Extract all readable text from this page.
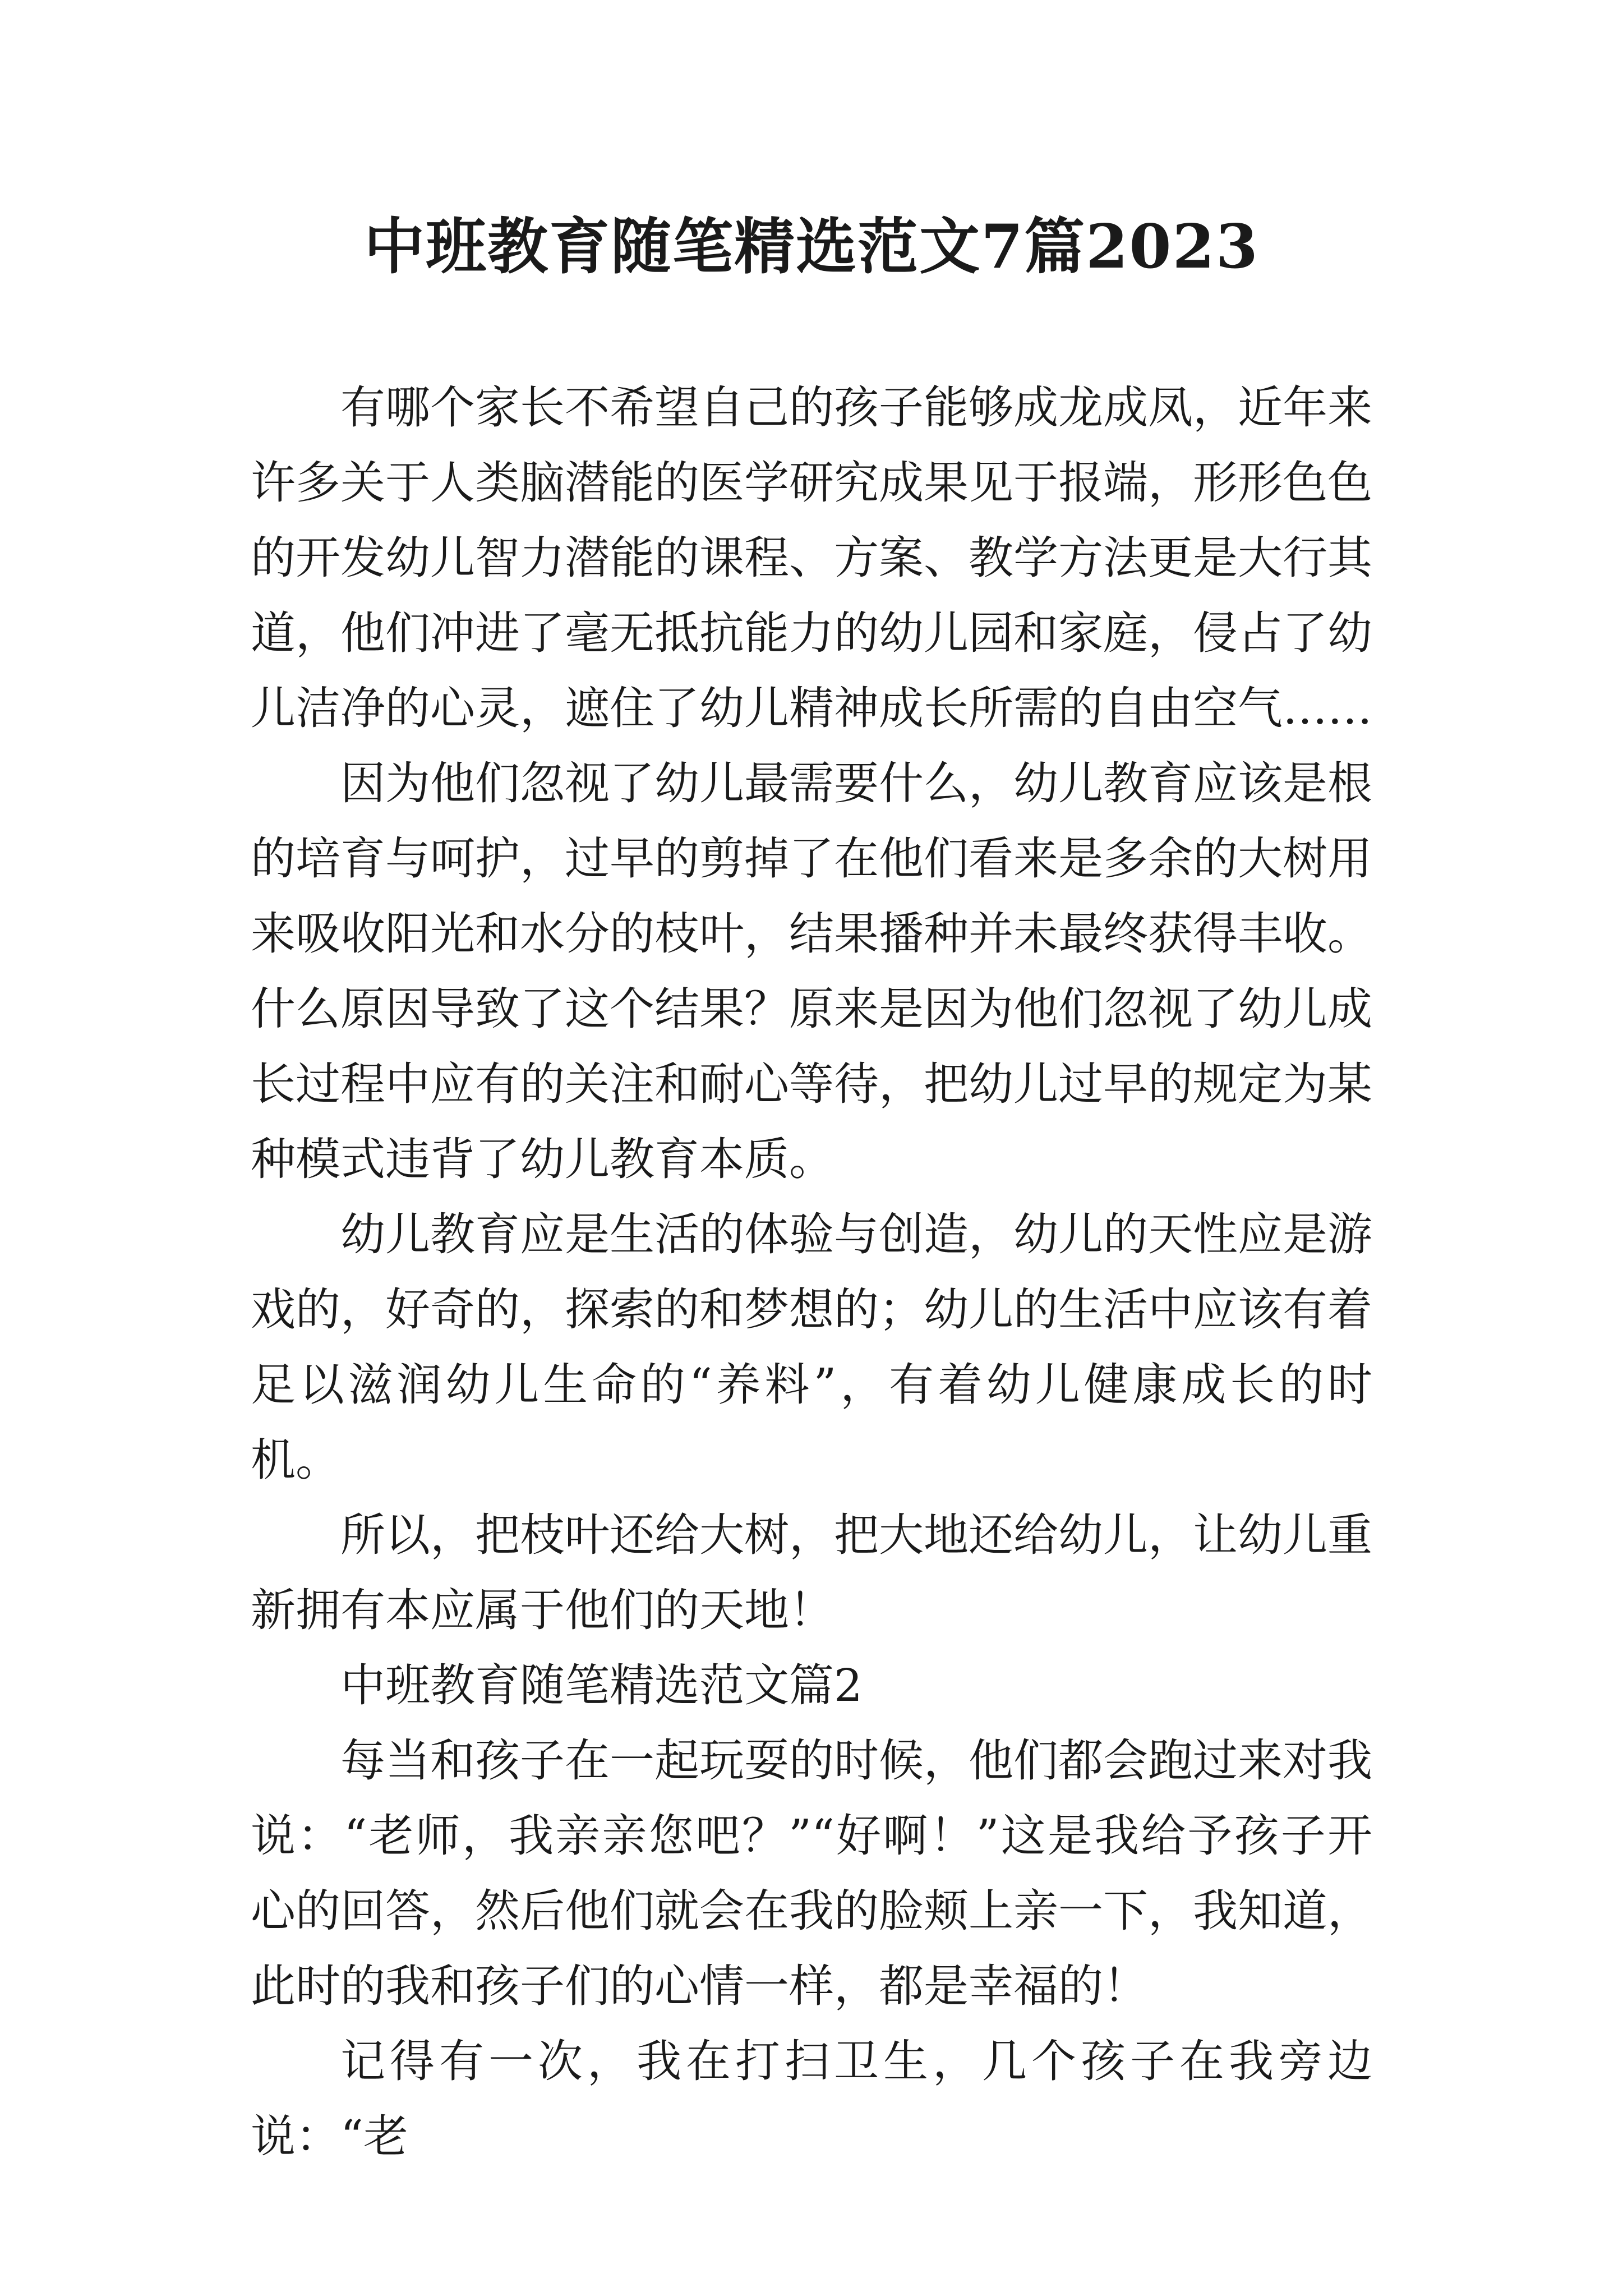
中班教育随笔精选范文7篇2023

有哪个家长不希望自己的孩子能够成龙成凤，近年来许多关于人类脑潜能的医学研究成果见于报端，形形色色的开发幼儿智力潜能的课程、方案、教学方法更是大行其道，他们冲进了毫无抵抗能力的幼儿园和家庭，侵占了幼儿洁净的心灵，遮住了幼儿精神成长所需的自由空气……

因为他们忽视了幼儿最需要什么，幼儿教育应该是根的培育与呵护，过早的剪掉了在他们看来是多余的大树用来吸收阳光和水分的枝叶，结果播种并未最终获得丰收。什么原因导致了这个结果？原来是因为他们忽视了幼儿成长过程中应有的关注和耐心等待，把幼儿过早的规定为某种模式违背了幼儿教育本质。

幼儿教育应是生活的体验与创造，幼儿的天性应是游戏的，好奇的，探索的和梦想的；幼儿的生活中应该有着足以滋润幼儿生命的“养料”，有着幼儿健康成长的时机。

所以，把枝叶还给大树，把大地还给幼儿，让幼儿重新拥有本应属于他们的天地！

中班教育随笔精选范文篇2

每当和孩子在一起玩耍的时候，他们都会跑过来对我说：“老师，我亲亲您吧？”“好啊！”这是我给予孩子开心的回答，然后他们就会在我的脸颊上亲一下，我知道，此时的我和孩子们的心情一样，都是幸福的！

记得有一次，我在打扫卫生，几个孩子在我旁边说：“老
